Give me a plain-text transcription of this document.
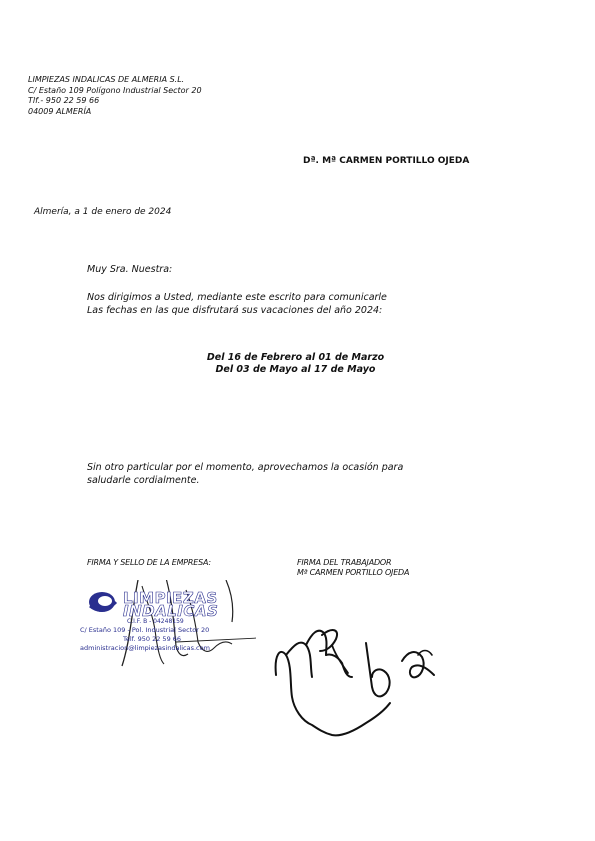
LIMPIEZAS INDALICAS DE ALMERIA S.L.
C/ Estaño 109 Polígono Industrial Sector 20
Tlf.- 950 22 59 66
04009 ALMERÍA
Dª. Mª CARMEN PORTILLO OJEDA
Almería, a 1 de enero de 2024
Muy Sra. Nuestra:
Nos dirigimos a Usted, mediante este escrito para comunicarle
Las fechas en las que disfrutará sus vacaciones del año 2024:
Del 16 de Febrero al 01 de Marzo
Del 03 de Mayo al 17 de Mayo
Sin otro particular por el momento, aprovechamos la ocasión para
saludarle cordialmente.
FIRMA Y SELLO DE LA EMPRESA:	FIRMA DEL TRABAJADOR
Mª CARMEN PORTILLO OJEDA
LIMPIEZAS
INDALICAS
C.I.F. B - 04248159
C/ Estaño 109 - Pol. Industrial Sector 20
Telf. 950 22 59 66
administracion@limpiezasindalicas.com
